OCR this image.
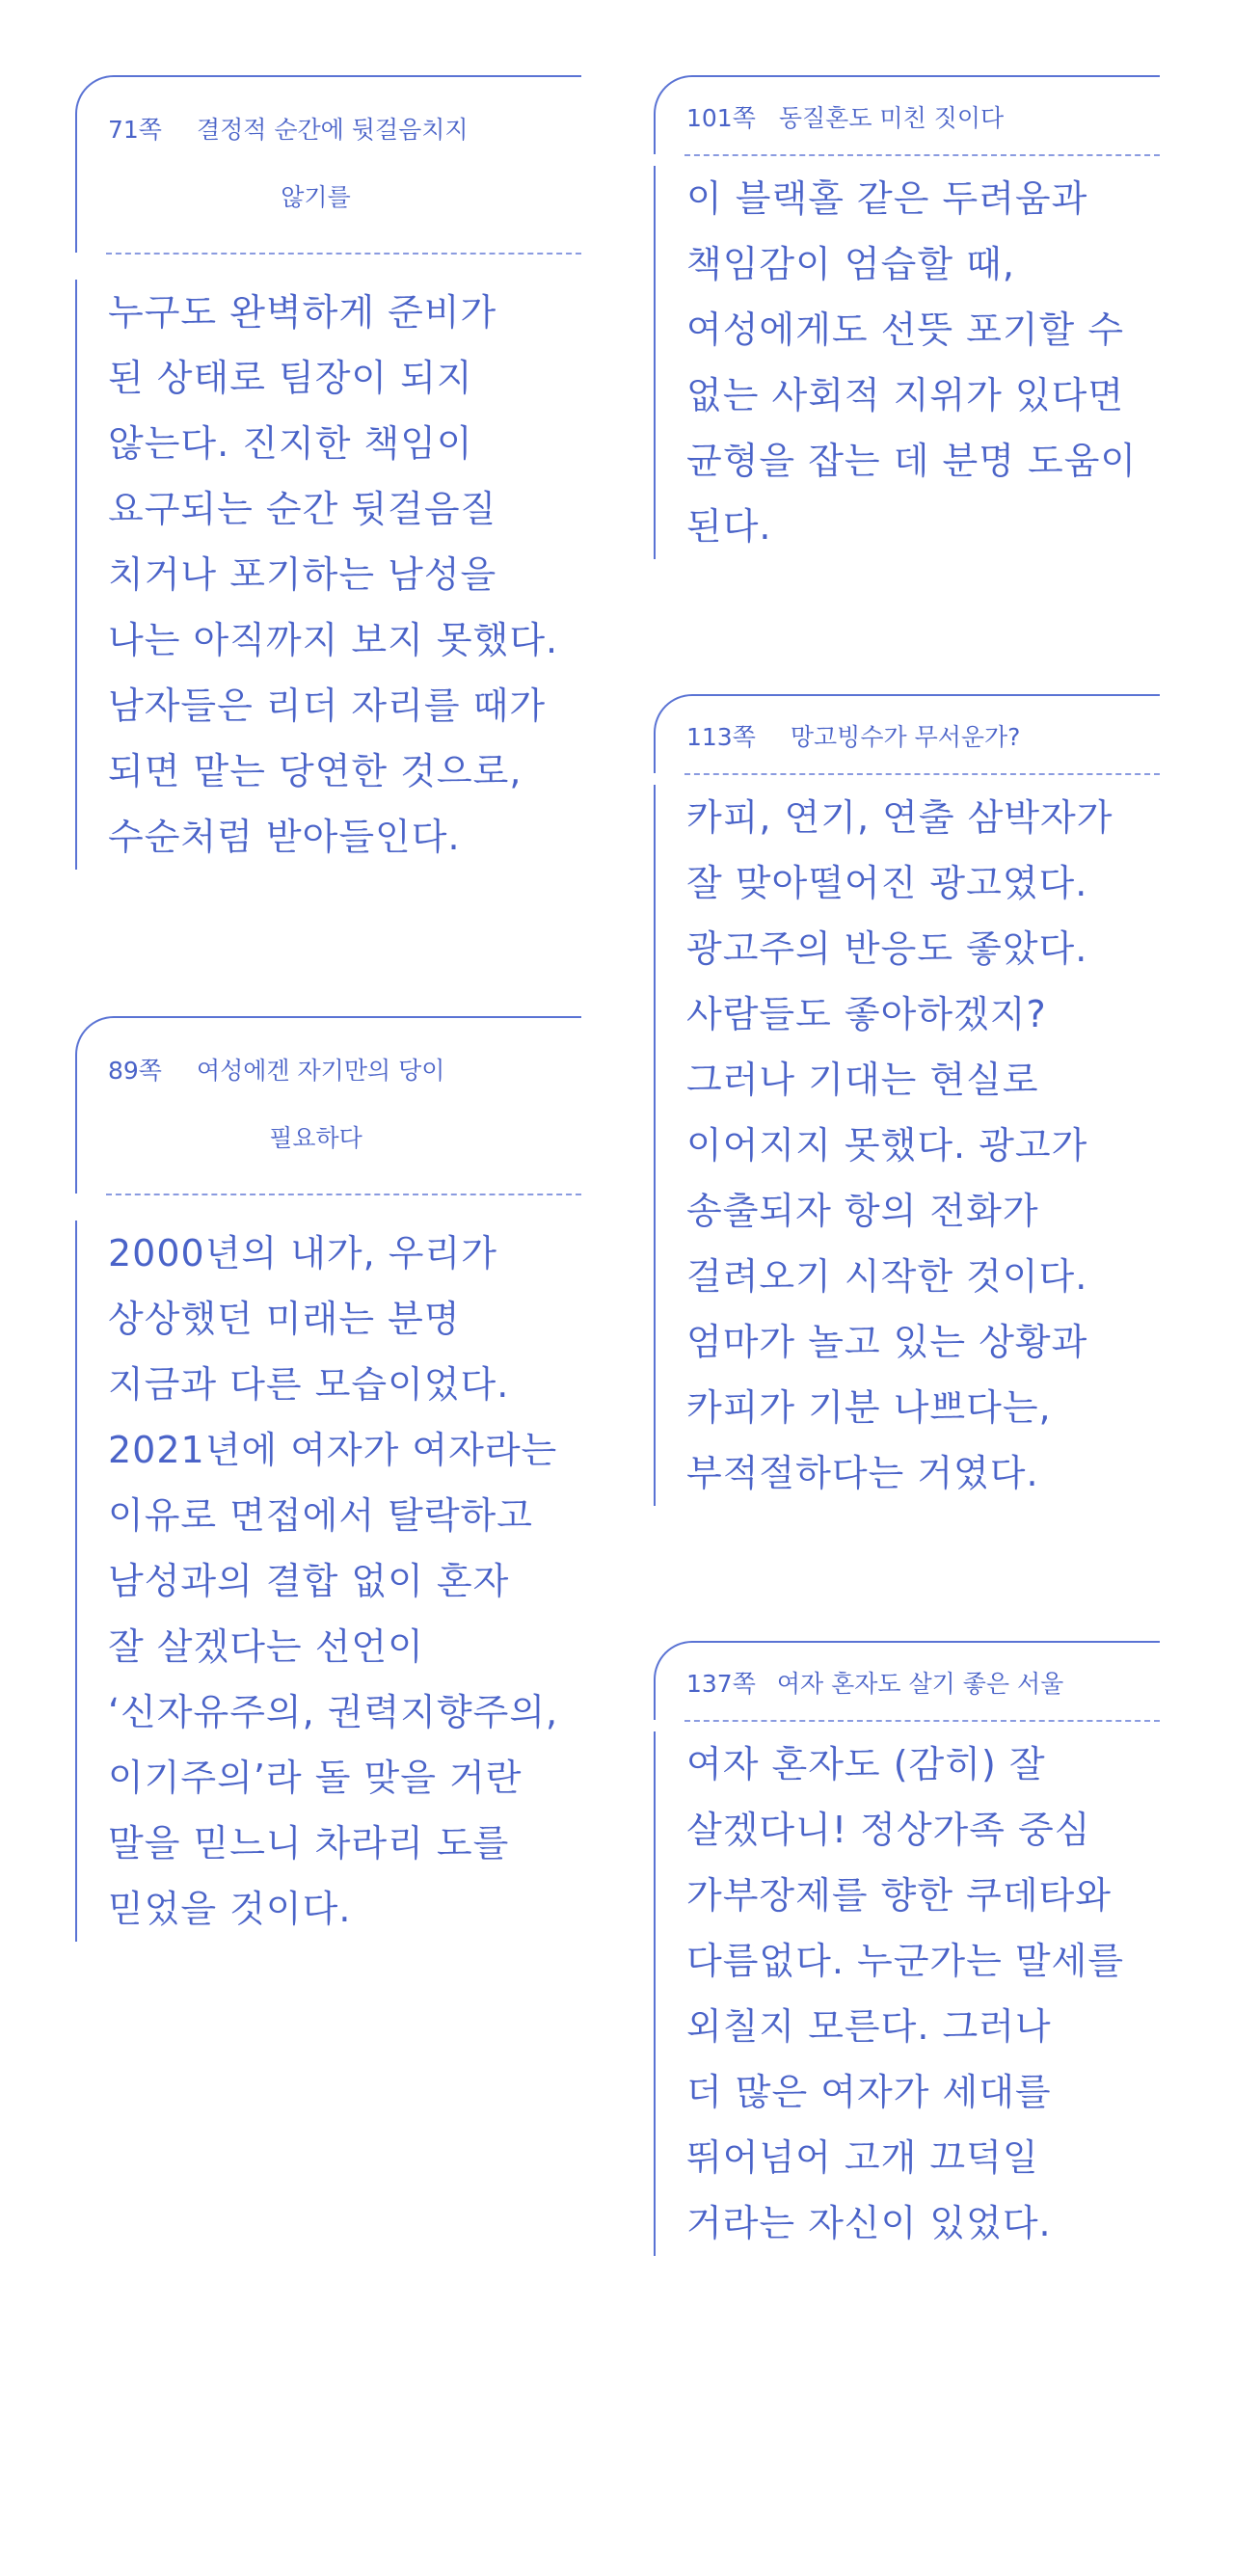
71쪽 결정적 순간에 뒷걸음치지
않기를
누구도 완벽하게 준비가
된 상태로 팀장이 되지
않는다. 진지한 책임이
요구되는 순간 뒷걸음질
치거나 포기하는 남성을
나는 아직까지 보지 못했다.
남자들은 리더 자리를 때가
되면 맡는 당연한 것으로,
수순처럼 받아들인다.
89쪽 여성에겐 자기만의 당이
필요하다
2000년의 내가, 우리가
상상했던 미래는 분명
지금과 다른 모습이었다.
2021년에 여자가 여자라는
이유로 면접에서 탈락하고
남성과의 결합 없이 혼자
잘 살겠다는 선언이
‘신자유주의, 권력지향주의,
이기주의’라 돌 맞을 거란
말을 믿느니 차라리 도를
믿었을 것이다.
101쪽 동질혼도 미친 짓이다
이 블랙홀 같은 두려움과
책임감이 엄습할 때,
여성에게도 선뜻 포기할 수
없는 사회적 지위가 있다면
균형을 잡는 데 분명 도움이
된다.
113쪽 망고빙수가 무서운가?
카피, 연기, 연출 삼박자가
잘 맞아떨어진 광고였다.
광고주의 반응도 좋았다.
사람들도 좋아하겠지?
그러나 기대는 현실로
이어지지 못했다. 광고가
송출되자 항의 전화가
걸려오기 시작한 것이다.
엄마가 놀고 있는 상황과
카피가 기분 나쁘다는,
부적절하다는 거였다.
137쪽 여자 혼자도 살기 좋은 서울
여자 혼자도 (감히) 잘
살겠다니! 정상가족 중심
가부장제를 향한 쿠데타와
다름없다. 누군가는 말세를
외칠지 모른다. 그러나
더 많은 여자가 세대를
뛰어넘어 고개 끄덕일
거라는 자신이 있었다.
